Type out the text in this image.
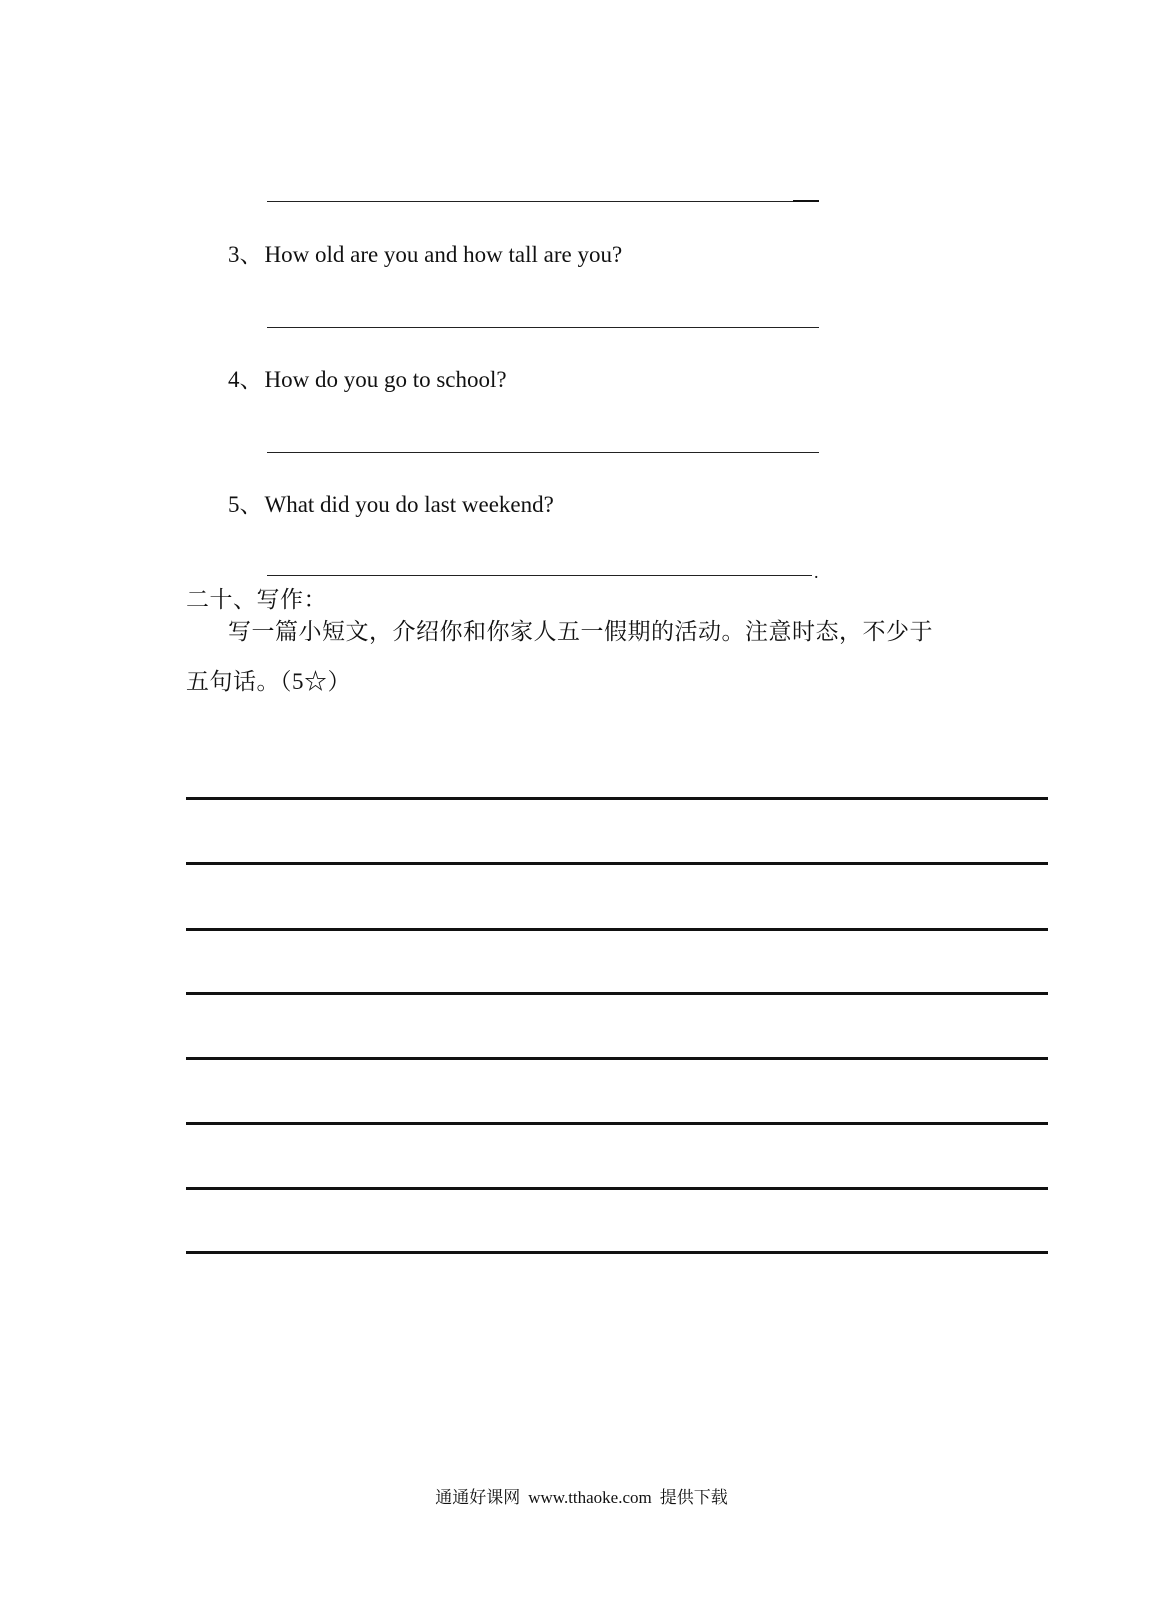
3、How old are you and how tall are you?
4、How do you go to school?
5、What did you do last weekend?
.
二十、写作：
写一篇小短文，介绍你和你家人五一假期的活动。注意时态，不少于
五句话。（5☆）
通通好课网 www.tthaoke.com 提供下载
